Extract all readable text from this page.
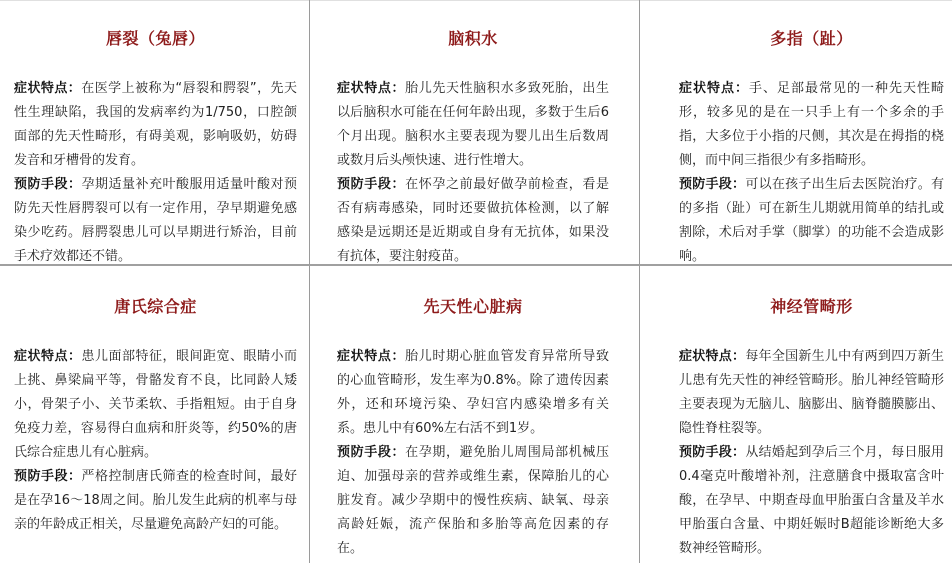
唇裂（兔唇）

症状特点：在医学上被称为“唇裂和腭裂”，先天性生理缺陷，我国的发病率约为1/750，口腔颌面部的先天性畸形，有碍美观，影响吸奶，妨碍发音和牙槽骨的发育。

预防手段：孕期适量补充叶酸服用适量叶酸对预防先天性唇腭裂可以有一定作用，孕早期避免感染少吃药。唇腭裂患儿可以早期进行矫治，目前手术疗效都还不错。

脑积水

症状特点：胎儿先天性脑积水多致死胎，出生以后脑积水可能在任何年龄出现，多数于生后6个月出现。脑积水主要表现为婴儿出生后数周或数月后头颅快速、进行性增大。

预防手段：在怀孕之前最好做孕前检查，看是否有病毒感染，同时还要做抗体检测，以了解感染是远期还是近期或自身有无抗体，如果没有抗体，要注射疫苗。

多指（趾）

症状特点：手、足部最常见的一种先天性畸形，较多见的是在一只手上有一个多余的手指，大多位于小指的尺侧，其次是在拇指的桡侧，而中间三指很少有多指畸形。

预防手段：可以在孩子出生后去医院治疗。有的多指（趾）可在新生儿期就用简单的结扎或割除，术后对手掌（脚掌）的功能不会造成影响。

唐氏综合症

症状特点：患儿面部特征，眼间距宽、眼睛小而上挑、鼻梁扁平等，骨骼发育不良，比同龄人矮小，骨架子小、关节柔软、手指粗短。由于自身免疫力差，容易得白血病和肝炎等，约50%的唐氏综合症患儿有心脏病。

预防手段：严格控制唐氏筛查的检查时间，最好是在孕16～18周之间。胎儿发生此病的机率与母亲的年龄成正相关，尽量避免高龄产妇的可能。

先天性心脏病

症状特点：胎儿时期心脏血管发育异常所导致的心血管畸形，发生率为0.8%。除了遗传因素外，还和环境污染、孕妇宫内感染增多有关系。患儿中有60%左右活不到1岁。

预防手段：在孕期，避免胎儿周围局部机械压迫、加强母亲的营养或维生素，保障胎儿的心脏发育。减少孕期中的慢性疾病、缺氧、母亲高龄妊娠，流产保胎和多胎等高危因素的存在。

神经管畸形

症状特点：每年全国新生儿中有两到四万新生儿患有先天性的神经管畸形。胎儿神经管畸形主要表现为无脑儿、脑膨出、脑脊髓膜膨出、隐性脊柱裂等。

预防手段：从结婚起到孕后三个月，每日服用0.4毫克叶酸增补剂，注意膳食中摄取富含叶酸，在孕早、中期查母血甲胎蛋白含量及羊水甲胎蛋白含量、中期妊娠时B超能诊断绝大多数神经管畸形。
